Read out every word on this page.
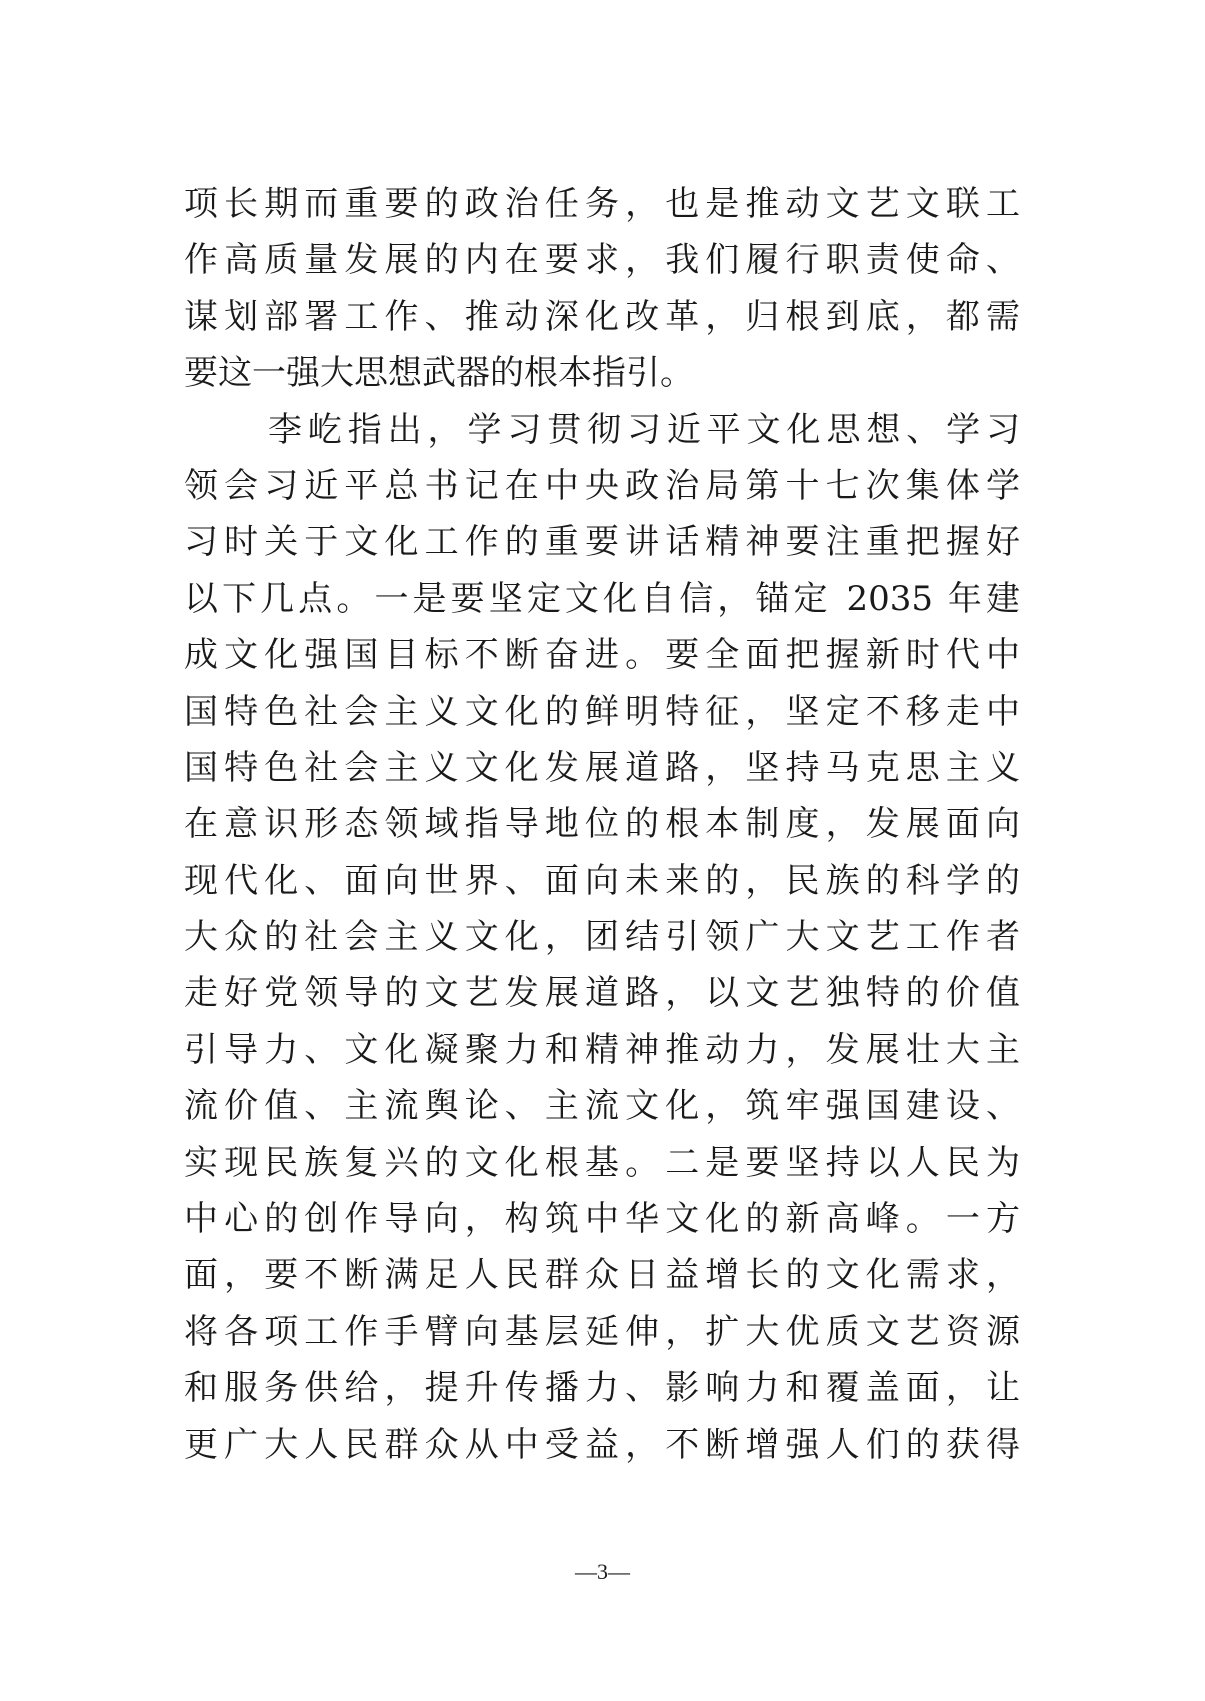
项长期而重要的政治任务，也是推动文艺文联工
作高质量发展的内在要求，我们履行职责使命、
谋划部署工作、推动深化改革，归根到底，都需
要这一强大思想武器的根本指引。
李屹指出，学习贯彻习近平文化思想、学习
领会习近平总书记在中央政治局第十七次集体学
习时关于文化工作的重要讲话精神要注重把握好
以下几点。一是要坚定文化自信，锚定 2035 年建
成文化强国目标不断奋进。要全面把握新时代中
国特色社会主义文化的鲜明特征，坚定不移走中
国特色社会主义文化发展道路，坚持马克思主义
在意识形态领域指导地位的根本制度，发展面向
现代化、面向世界、面向未来的，民族的科学的
大众的社会主义文化，团结引领广大文艺工作者
走好党领导的文艺发展道路，以文艺独特的价值
引导力、文化凝聚力和精神推动力，发展壮大主
流价值、主流舆论、主流文化，筑牢强国建设、
实现民族复兴的文化根基。二是要坚持以人民为
中心的创作导向，构筑中华文化的新高峰。一方
面，要不断满足人民群众日益增长的文化需求，
将各项工作手臂向基层延伸，扩大优质文艺资源
和服务供给，提升传播力、影响力和覆盖面，让
更广大人民群众从中受益，不断增强人们的获得
—3—
